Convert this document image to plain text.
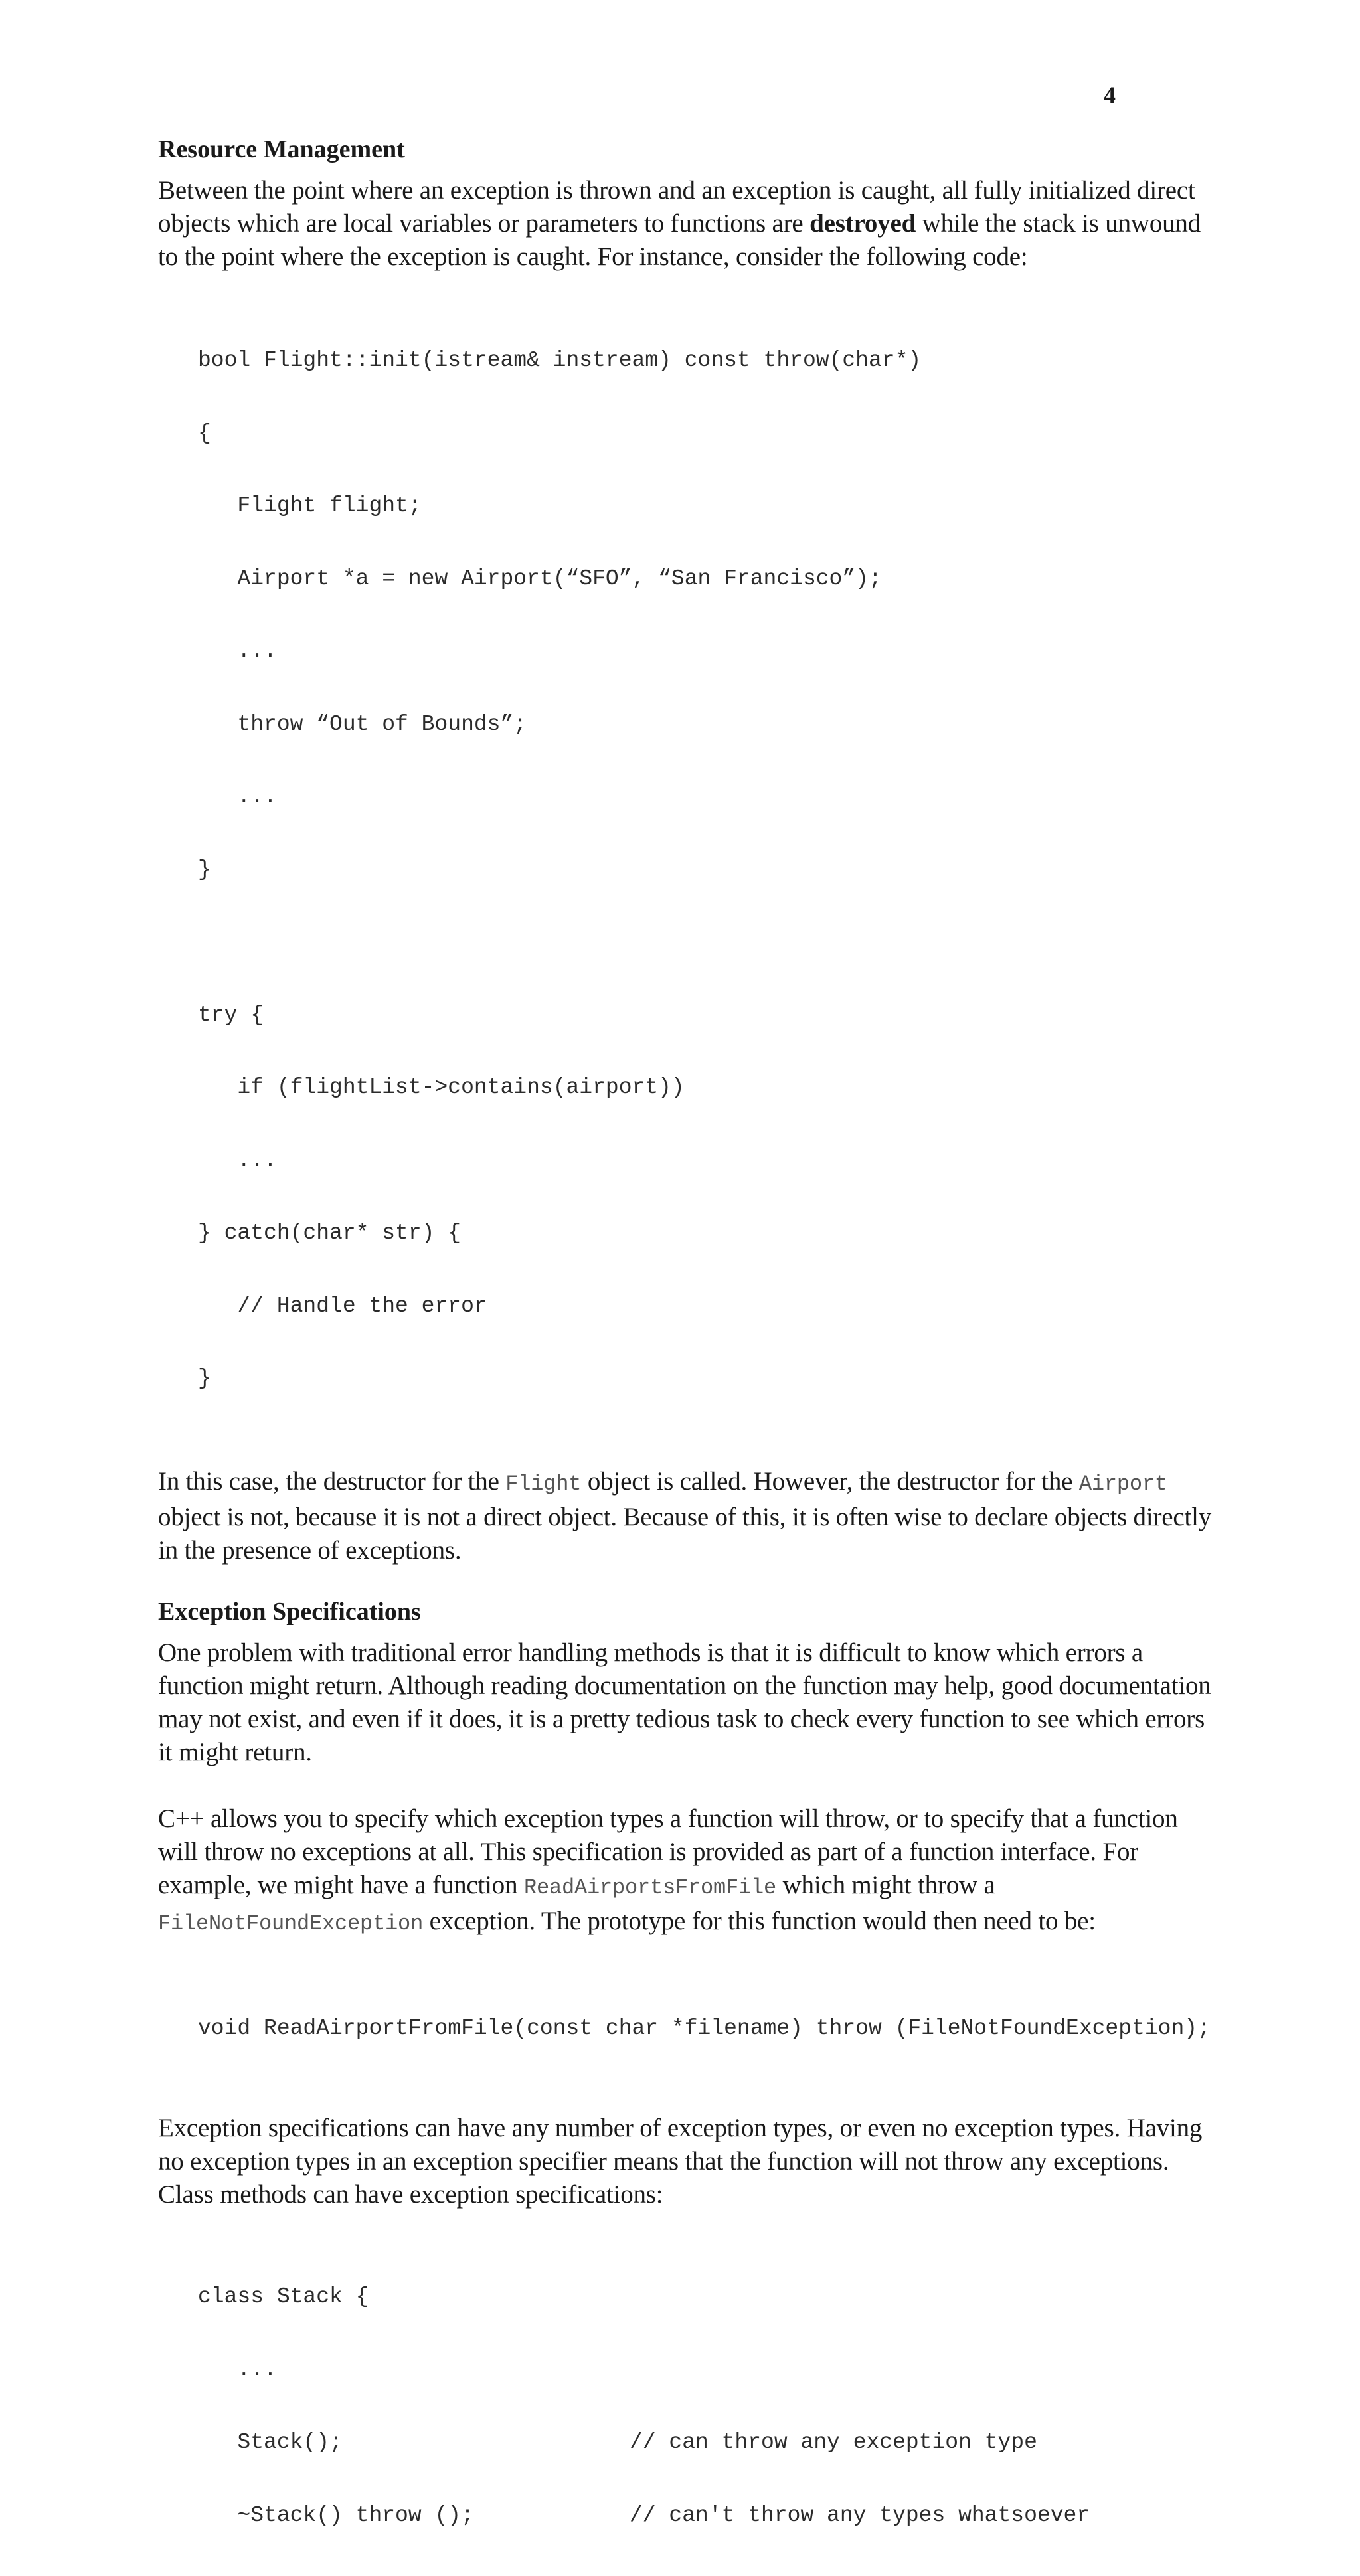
4
Resource Management

Between the point where an exception is thrown and an exception is caught, all fully initialized direct objects which are local variables or parameters to functions are destroyed while the stack is unwound to the point where the exception is caught. For instance, consider the following code:

bool Flight::init(istream& instream) const throw(char*)

{

Flight flight;

Airport *a = new Airport(“SFO”, “San Francisco”);

...

throw “Out of Bounds”;

...

}

try {

if (flightList->contains(airport))

...

} catch(char* str) {

// Handle the error

}

In this case, the destructor for the Flight object is called. However, the destructor for the Airport object is not, because it is not a direct object. Because of this, it is often wise to declare objects directly in the presence of exceptions.

Exception Specifications

One problem with traditional error handling methods is that it is difficult to know which errors a function might return. Although reading documentation on the function may help, good documentation may not exist, and even if it does, it is a pretty tedious task to check every function to see which errors it might return.

C++ allows you to specify which exception types a function will throw, or to specify that a function will throw no exceptions at all. This specification is provided as part of a function interface. For example, we might have a function ReadAirportsFromFile which might throw a FileNotFoundException exception. The prototype for this function would then need to be:

void ReadAirportFromFile(const char *filename) throw (FileNotFoundException);

Exception specifications can have any number of exception types, or even no exception types. Having no exception types in an exception specifier means that the function will not throw any exceptions. Class methods can have exception specifications:

class Stack {

...

Stack();	// can throw any exception type

~Stack() throw ();	// can't throw any types whatsoever
